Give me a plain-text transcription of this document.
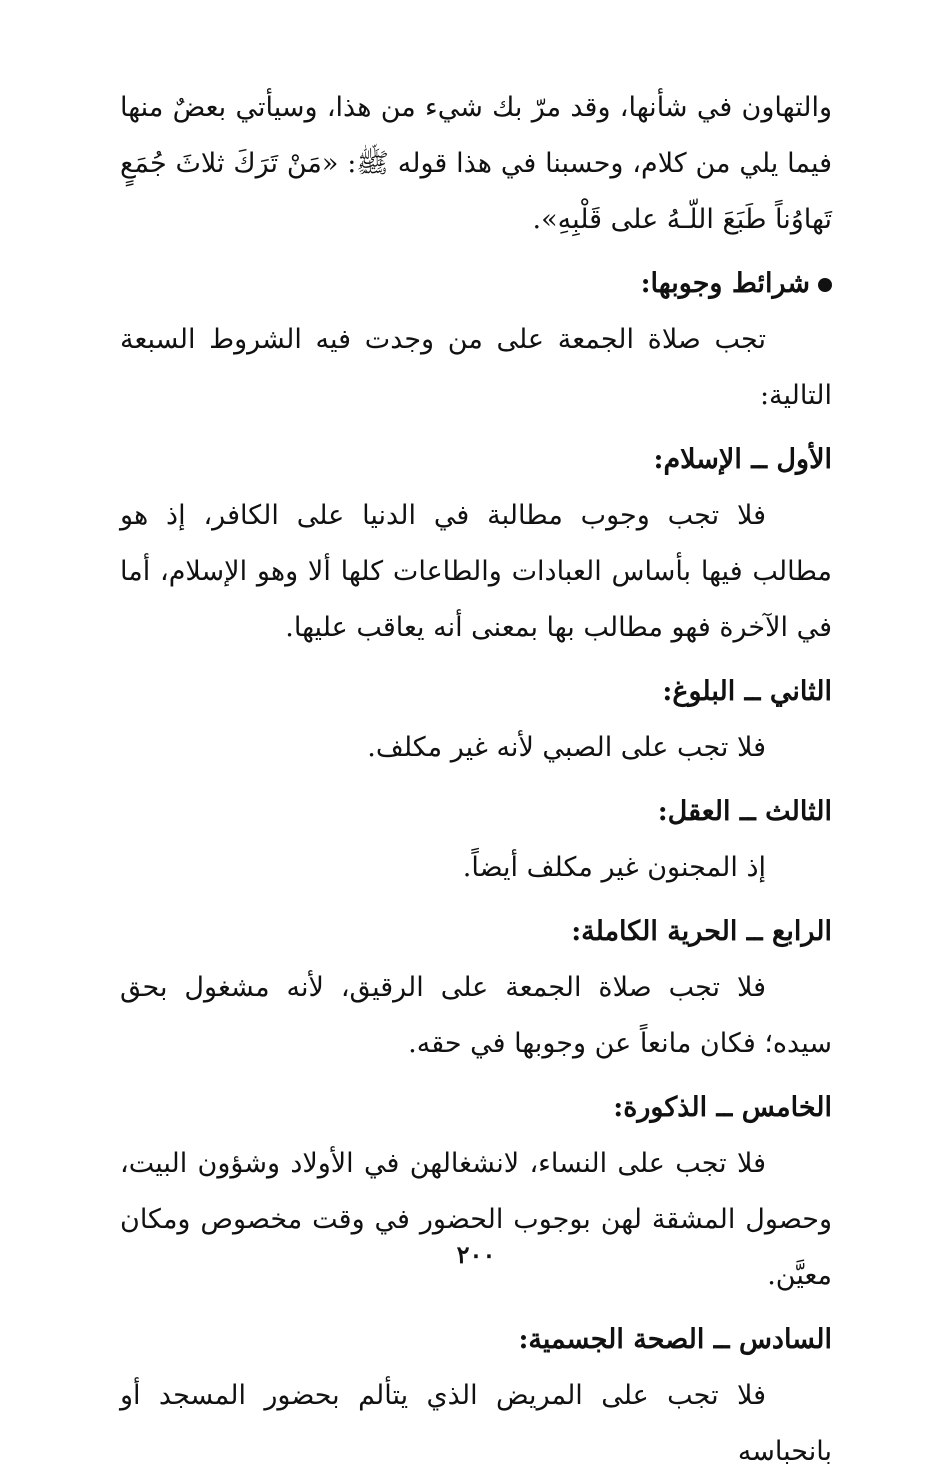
والتهاون في شأنها، وقد مرّ بك شيء من هذا، وسيأتي بعضٌ منها فيما يلي من كلام، وحسبنا في هذا قوله ﷺ: «مَنْ تَرَكَ ثلاثَ جُمَعٍ تَهاوُناً طَبَعَ اللّـهُ على قَلْبِهِ».

شرائط وجوبها:

تجب صلاة الجمعة على من وجدت فيه الشروط السبعة التالية:

الأول ــ الإسلام:

فلا تجب وجوب مطالبة في الدنيا على الكافر، إذ هو مطالب فيها بأساس العبادات والطاعات كلها ألا وهو الإسلام، أما في الآخرة فهو مطالب بها بمعنى أنه يعاقب عليها.

الثاني ــ البلوغ:

فلا تجب على الصبي لأنه غير مكلف.

الثالث ــ العقل:

إذ المجنون غير مكلف أيضاً.

الرابع ــ الحرية الكاملة:

فلا تجب صلاة الجمعة على الرقيق، لأنه مشغول بحق سيده؛ فكان مانعاً عن وجوبها في حقه.

الخامس ــ الذكورة:

فلا تجب على النساء، لانشغالهن في الأولاد وشؤون البيت، وحصول المشقة لهن بوجوب الحضور في وقت مخصوص ومكان معيَّن.

السادس ــ الصحة الجسمية:

فلا تجب على المريض الذي يتألم بحضور المسجد أو بانحباسه

٢٠٠
